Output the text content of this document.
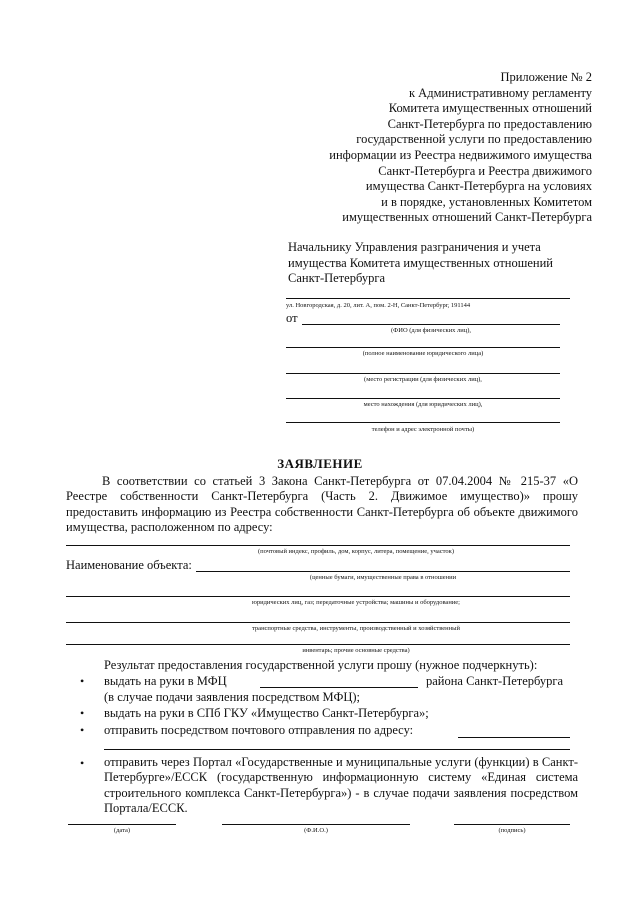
Приложение № 2
к Административному регламенту
Комитета имущественных отношений
Санкт-Петербурга по предоставлению
государственной услуги по предоставлению
информации из Реестра недвижимого имущества
Санкт-Петербурга и Реестра движимого
имущества Санкт-Петербурга на условиях
и в порядке, установленных Комитетом
имущественных отношений Санкт-Петербурга
Начальнику Управления разграничения и учета
имущества Комитета имущественных отношений
Санкт-Петербурга
ул. Новгородская, д. 20, лит. А, пом. 2-Н, Санкт-Петербург, 191144
от
(ФИО (для физических лиц),
(полное наименование юридического лица)
(место регистрации (для физических лиц),
место нахождения (для юридических лиц),
телефон и адрес электронной почты)
ЗАЯВЛЕНИЕ
В соответствии со статьей 3 Закона Санкт-Петербурга от 07.04.2004 № 215-37 «О Реестре собственности Санкт-Петербурга (Часть 2. Движимое имущество)» прошу предоставить информацию из Реестра собственности Санкт-Петербурга об объекте движимого имущества, расположенном по адресу:
(почтовый индекс, профиль, дом, корпус, литера, помещение, участок)
Наименование объекта:
(ценные бумаги, имущественные права в отношении
юридических лиц, газ; передаточные устройства; машины и оборудование;
транспортные средства, инструменты, производственный и хозяйственный
инвентарь; прочие основные средства)
Результат предоставления государственной услуги прошу (нужное подчеркнуть):
• выдать на руки в МФЦ	района Санкт-Петербурга
(в случае подачи заявления посредством МФЦ);
• выдать на руки в СПб ГКУ «Имущество Санкт-Петербурга»;
• отправить посредством почтового отправления по адресу:
• отправить через Портал «Государственные и муниципальные услуги (функции) в Санкт-Петербурге»/ЕССК (государственную информационную систему «Единая система строительного комплекса Санкт-Петербурга») - в случае подачи заявления посредством Портала/ЕССК.
(дата)	(Ф.И.О.)	(подпись)
